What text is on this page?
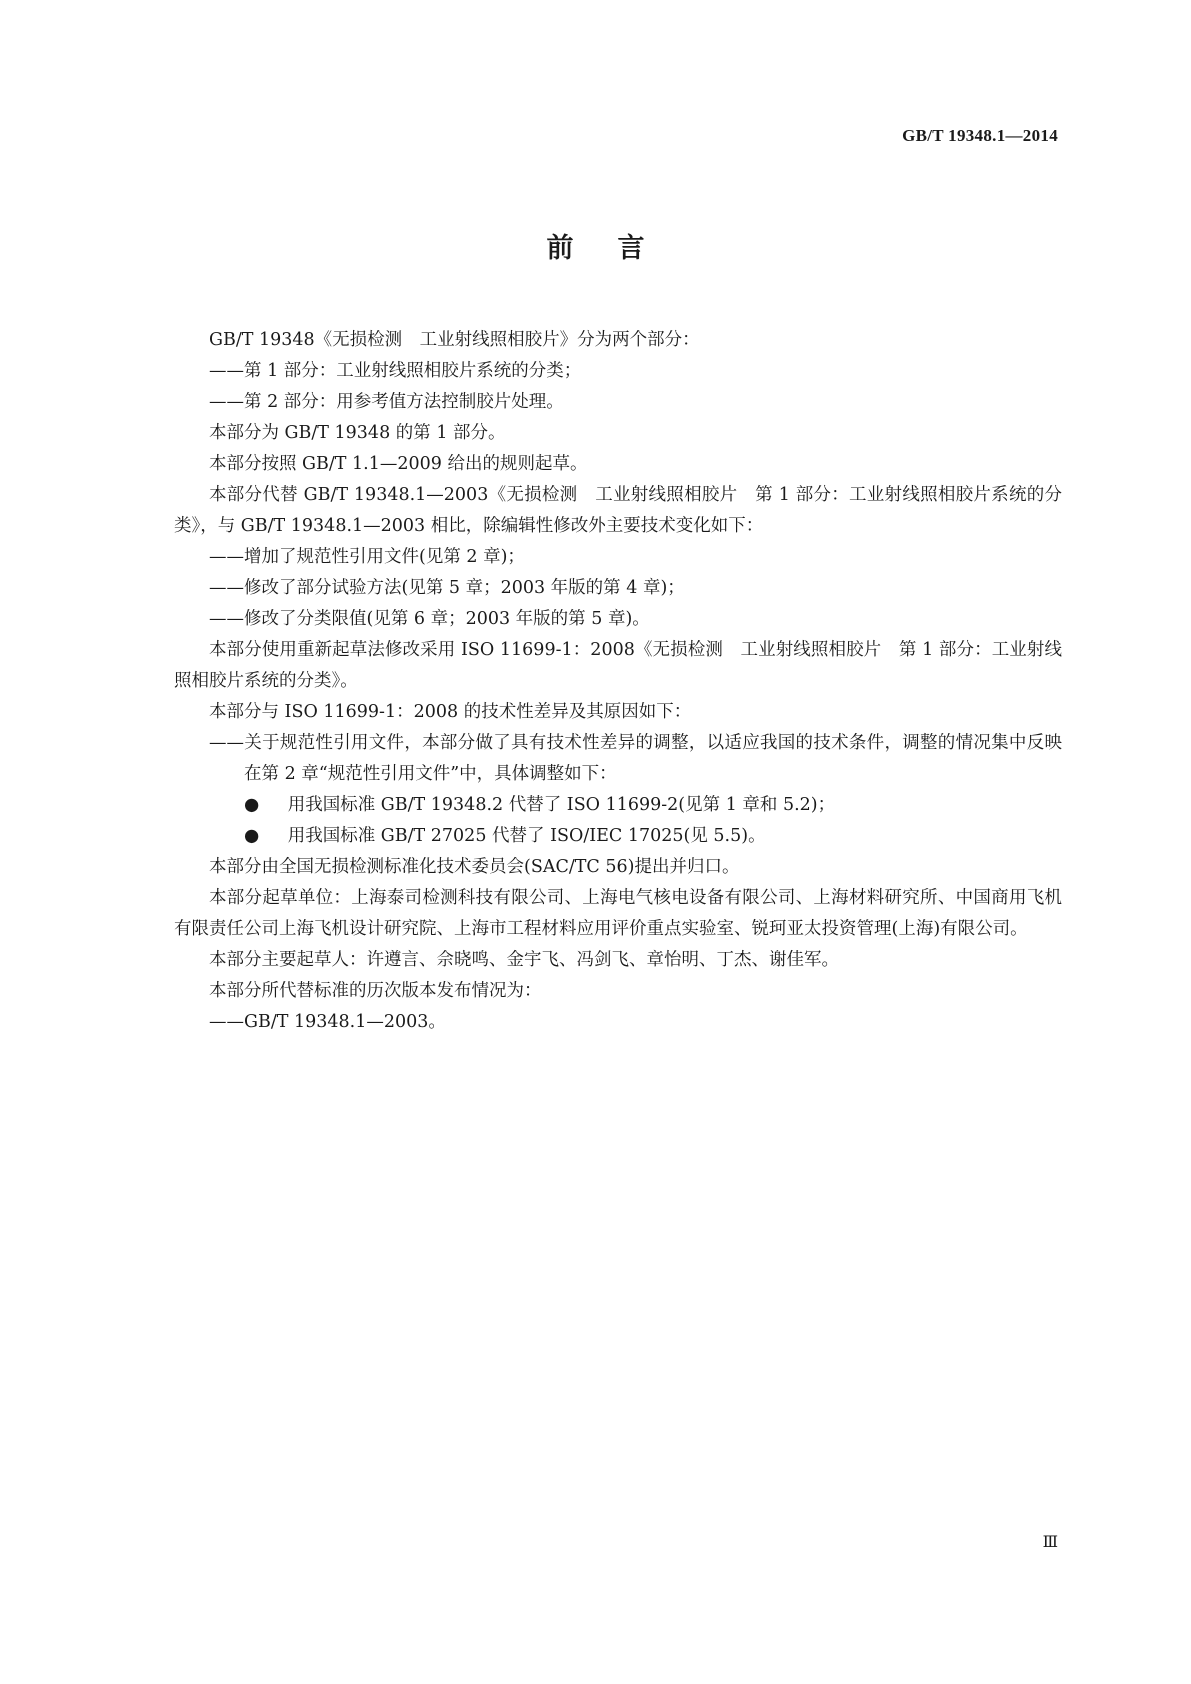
GB/T 19348.1—2014
前言

GB/T 19348《无损检测　工业射线照相胶片》分为两个部分：

——第 1 部分：工业射线照相胶片系统的分类；

——第 2 部分：用参考值方法控制胶片处理。

本部分为 GB/T 19348 的第 1 部分。

本部分按照 GB/T 1.1—2009 给出的规则起草。

本部分代替 GB/T 19348.1—2003《无损检测　工业射线照相胶片　第 1 部分：工业射线照相胶片系统的分类》，与 GB/T 19348.1—2003 相比，除编辑性修改外主要技术变化如下：

——增加了规范性引用文件(见第 2 章)；

——修改了部分试验方法(见第 5 章；2003 年版的第 4 章)；

——修改了分类限值(见第 6 章；2003 年版的第 5 章)。

本部分使用重新起草法修改采用 ISO 11699-1：2008《无损检测　工业射线照相胶片　第 1 部分：工业射线照相胶片系统的分类》。

本部分与 ISO 11699-1：2008 的技术性差异及其原因如下：

——关于规范性引用文件，本部分做了具有技术性差异的调整，以适应我国的技术条件，调整的情况集中反映在第 2 章“规范性引用文件”中，具体调整如下：

● 用我国标准 GB/T 19348.2 代替了 ISO 11699-2(见第 1 章和 5.2)；

● 用我国标准 GB/T 27025 代替了 ISO/IEC 17025(见 5.5)。

本部分由全国无损检测标准化技术委员会(SAC/TC 56)提出并归口。

本部分起草单位：上海泰司检测科技有限公司、上海电气核电设备有限公司、上海材料研究所、中国商用飞机有限责任公司上海飞机设计研究院、上海市工程材料应用评价重点实验室、锐珂亚太投资管理(上海)有限公司。

本部分主要起草人：许遵言、佘晓鸣、金宇飞、冯剑飞、章怡明、丁杰、谢佳军。

本部分所代替标准的历次版本发布情况为：

——GB/T 19348.1—2003。

Ⅲ
